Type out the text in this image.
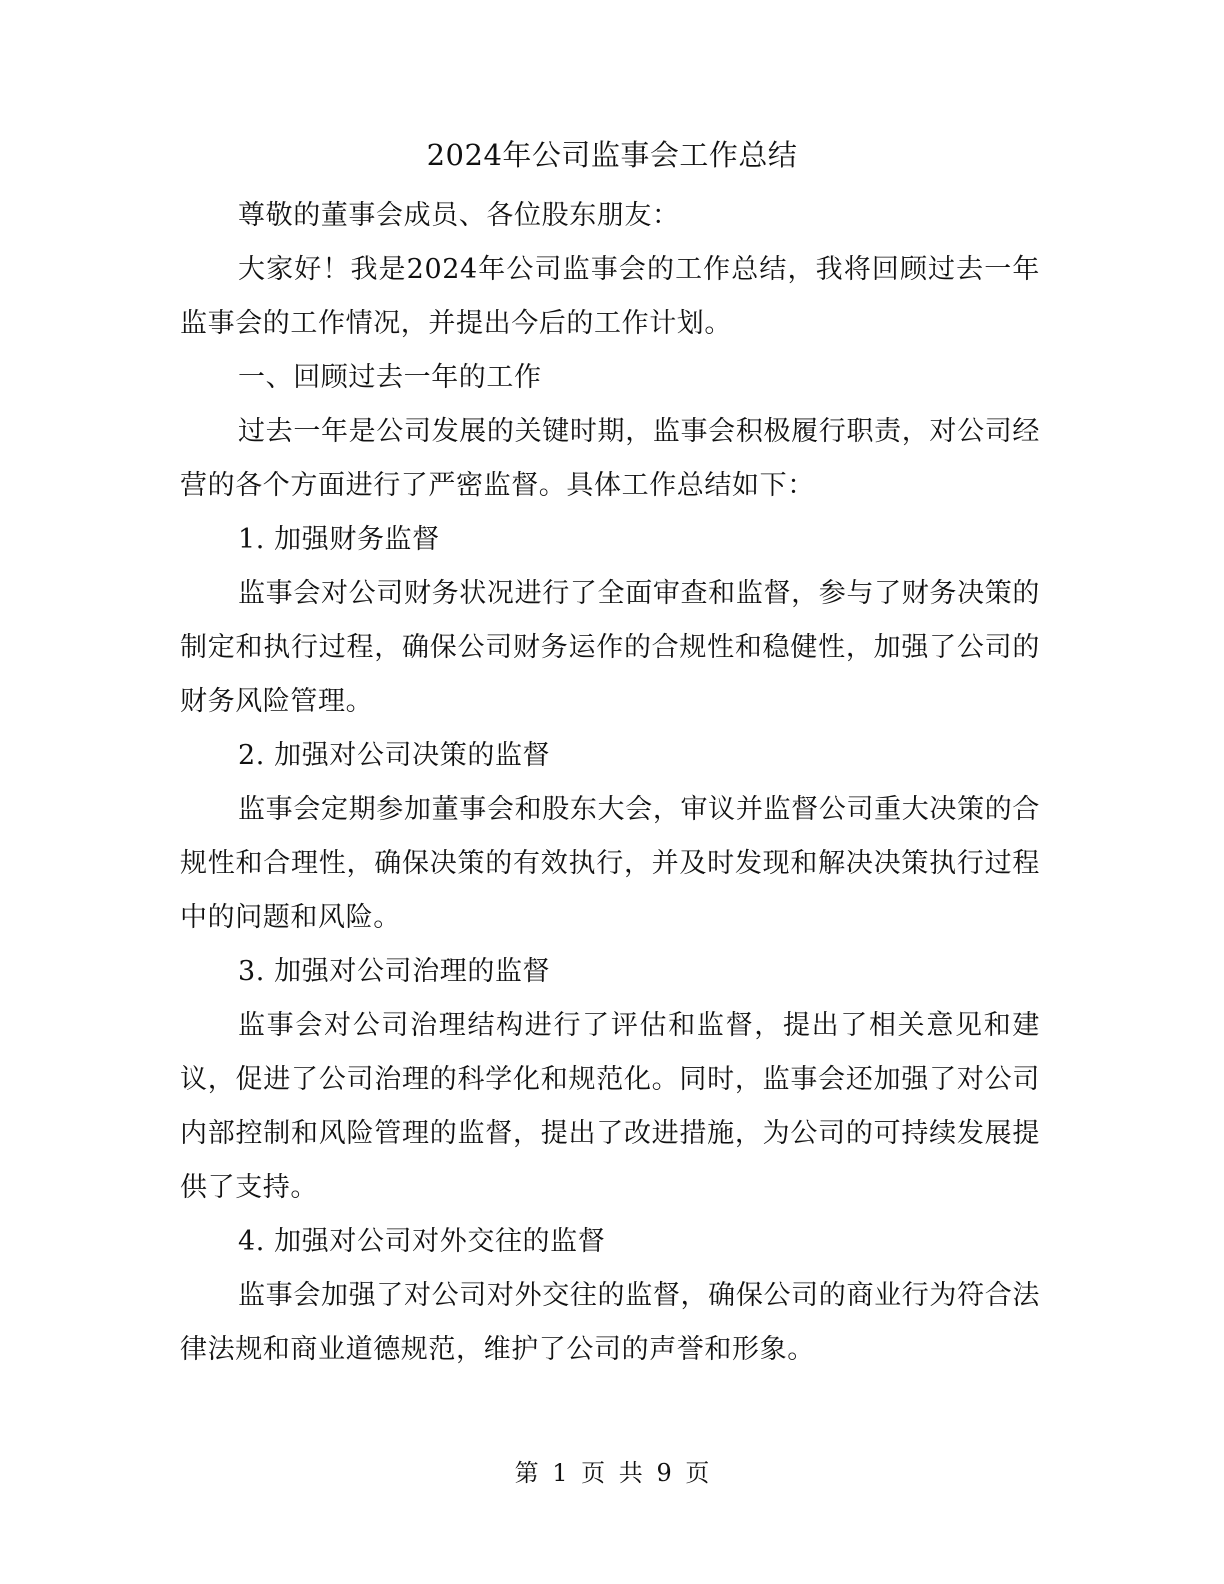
2024年公司监事会工作总结

尊敬的董事会成员、各位股东朋友：

大家好！我是2024年公司监事会的工作总结，我将回顾过去一年监事会的工作情况，并提出今后的工作计划。

一、回顾过去一年的工作

过去一年是公司发展的关键时期，监事会积极履行职责，对公司经营的各个方面进行了严密监督。具体工作总结如下：

1. 加强财务监督

监事会对公司财务状况进行了全面审查和监督，参与了财务决策的制定和执行过程，确保公司财务运作的合规性和稳健性，加强了公司的财务风险管理。

2. 加强对公司决策的监督

监事会定期参加董事会和股东大会，审议并监督公司重大决策的合规性和合理性，确保决策的有效执行，并及时发现和解决决策执行过程中的问题和风险。

3. 加强对公司治理的监督

监事会对公司治理结构进行了评估和监督，提出了相关意见和建议，促进了公司治理的科学化和规范化。同时，监事会还加强了对公司内部控制和风险管理的监督，提出了改进措施，为公司的可持续发展提供了支持。

4. 加强对公司对外交往的监督

监事会加强了对公司对外交往的监督，确保公司的商业行为符合法律法规和商业道德规范，维护了公司的声誉和形象。

第 1 页 共 9 页
